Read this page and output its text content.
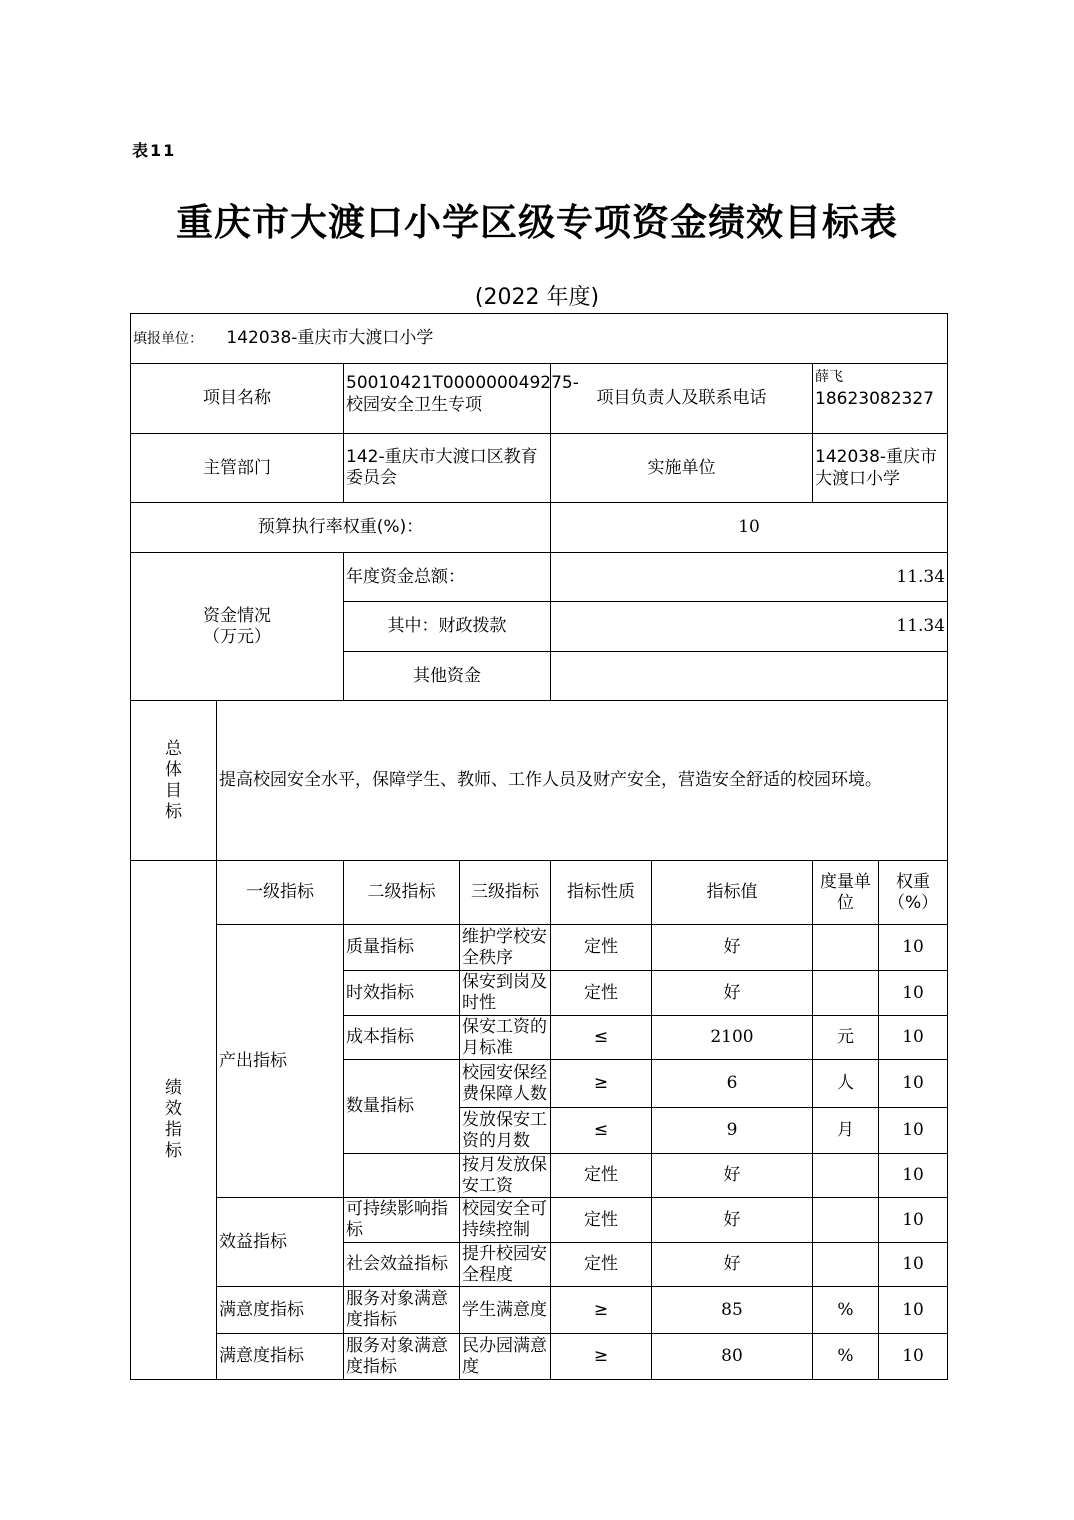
表11
重庆市大渡口小学区级专项资金绩效目标表
(2022 年度)
填报单位： 142038-重庆市大渡口小学							
项目名称		50010421T000000049275-校园安全卫生专项		项目负责人及联系电话		薛飞
18623082327	

主管部门		142-重庆市大渡口区教育委员会		实施单位		142038-重庆市大渡口小学	
预算执行率权重(%)：				10			

资金情况
（万元）		年度资金总额：		11.34			
		其中：财政拨款		11.34			
		其他资金					

总
体
目
标	提高校园安全水平，保障学生、教师、工作人员及财产安全，营造安全舒适的校园环境。						

绩
效
指
标	一级指标	二级指标	三级指标	指标性质	指标值	度量单位	权重（%）
	产出指标	质量指标	维护学校安全秩序	定性	好		10
		时效指标	保安到岗及时性	定性	好		10
		成本指标	保安工资的月标准	≤	2100	元	10
		数量指标	校园安保经费保障人数	≥	6	人	10
			发放保安工资的月数	≤	9	月	10
			按月发放保安工资	定性	好		10
	效益指标	可持续影响指标	校园安全可持续控制	定性	好		10
		社会效益指标	提升校园安全程度	定性	好		10
	满意度指标	服务对象满意度指标	学生满意度	≥	85	%	10
	满意度指标	服务对象满意度指标	民办园满意度	≥	80	%	10
